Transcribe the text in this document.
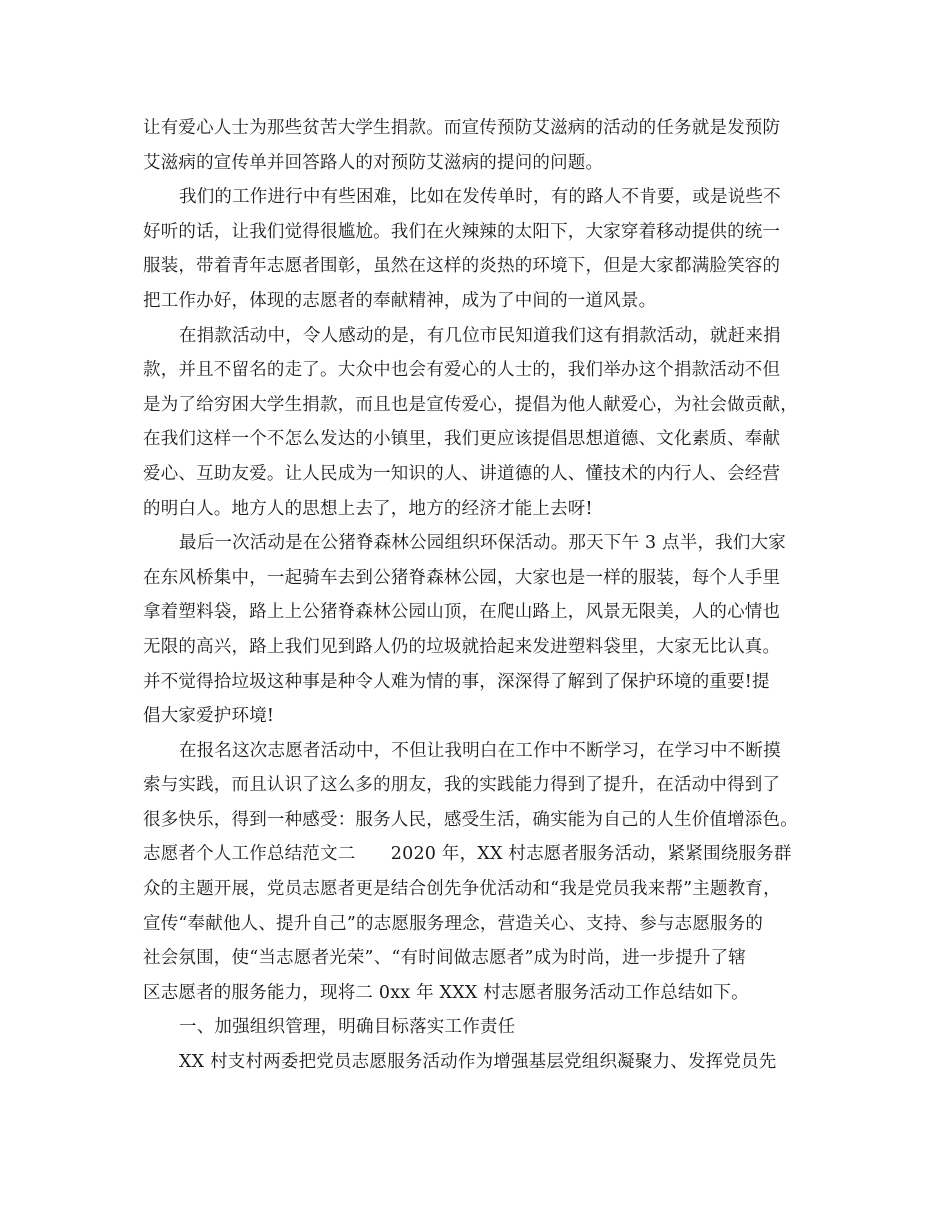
让有爱心人士为那些贫苦大学生捐款。而宣传预防艾滋病的活动的任务就是发预防
艾滋病的宣传单并回答路人的对预防艾滋病的提问的问题。
我们的工作进行中有些困难，比如在发传单时，有的路人不肯要，或是说些不
好听的话，让我们觉得很尴尬。我们在火辣辣的太阳下，大家穿着移动提供的统一
服装，带着青年志愿者围彰，虽然在这样的炎热的环境下，但是大家都满脸笑容的
把工作办好，体现的志愿者的奉献精神，成为了中间的一道风景。
在捐款活动中，令人感动的是，有几位市民知道我们这有捐款活动，就赶来捐
款，并且不留名的走了。大众中也会有爱心的人士的，我们举办这个捐款活动不但
是为了给穷困大学生捐款，而且也是宣传爱心，提倡为他人献爱心，为社会做贡献，
在我们这样一个不怎么发达的小镇里，我们更应该提倡思想道德、文化素质、奉献
爱心、互助友爱。让人民成为一知识的人、讲道德的人、懂技术的内行人、会经营
的明白人。地方人的思想上去了，地方的经济才能上去呀!
最后一次活动是在公猪脊森林公园组织环保活动。那天下午 3 点半，我们大家
在东风桥集中，一起骑车去到公猪脊森林公园，大家也是一样的服装，每个人手里
拿着塑料袋，路上上公猪脊森林公园山顶，在爬山路上，风景无限美，人的心情也
无限的高兴，路上我们见到路人仍的垃圾就拾起来发进塑料袋里，大家无比认真。
并不觉得拾垃圾这种事是种令人难为情的事，深深得了解到了保护环境的重要!提
倡大家爱护环境!
在报名这次志愿者活动中，不但让我明白在工作中不断学习，在学习中不断摸
索与实践，而且认识了这么多的朋友，我的实践能力得到了提升，在活动中得到了
很多快乐，得到一种感受：服务人民，感受生活，确实能为自己的人生价值增添色。
志愿者个人工作总结范文二　　2020 年，XX 村志愿者服务活动，紧紧围绕服务群
众的主题开展，党员志愿者更是结合创先争优活动和“我是党员我来帮”主题教育，
宣传“奉献他人、提升自己”的志愿服务理念，营造关心、支持、参与志愿服务的
社会氛围，使“当志愿者光荣”、“有时间做志愿者”成为时尚，进一步提升了辖
区志愿者的服务能力，现将二 0xx 年 XXX 村志愿者服务活动工作总结如下。
一、加强组织管理，明确目标落实工作责任
XX 村支村两委把党员志愿服务活动作为增强基层党组织凝聚力、发挥党员先
